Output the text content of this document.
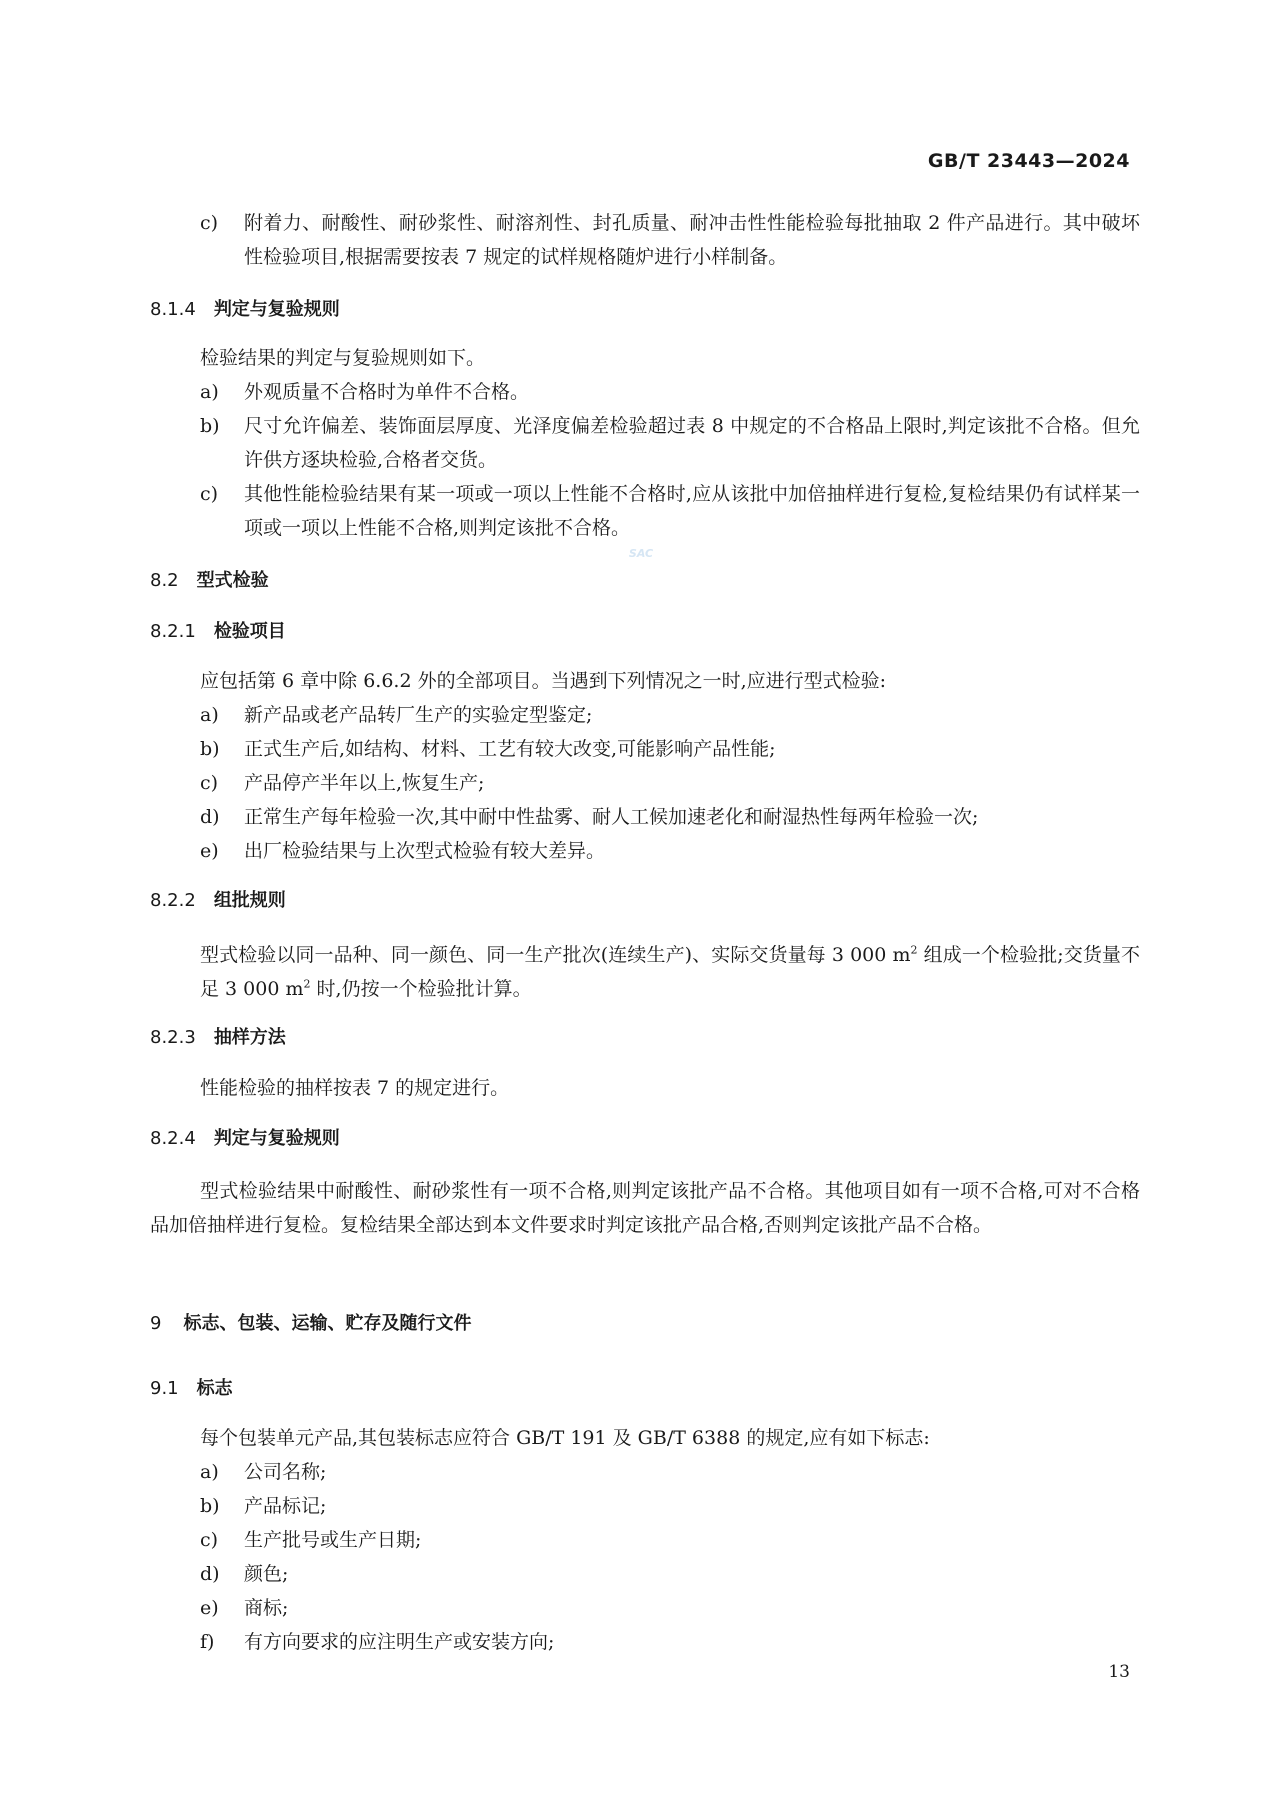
GB/T 23443—2024
SAC
c)	附着力、耐酸性、耐砂浆性、耐溶剂性、封孔质量、耐冲击性性能检验每批抽取 2 件产品进行。其中破坏性检验项目,根据需要按表 7 规定的试样规格随炉进行小样制备。
8.1.4 判定与复验规则
检验结果的判定与复验规则如下。
a)	外观质量不合格时为单件不合格。
b)	尺寸允许偏差、装饰面层厚度、光泽度偏差检验超过表 8 中规定的不合格品上限时,判定该批不合格。但允许供方逐块检验,合格者交货。
c)	其他性能检验结果有某一项或一项以上性能不合格时,应从该批中加倍抽样进行复检,复检结果仍有试样某一项或一项以上性能不合格,则判定该批不合格。
8.2 型式检验
8.2.1 检验项目
应包括第 6 章中除 6.6.2 外的全部项目。当遇到下列情况之一时,应进行型式检验:
a)	新产品或老产品转厂生产的实验定型鉴定;
b)	正式生产后,如结构、材料、工艺有较大改变,可能影响产品性能;
c)	产品停产半年以上,恢复生产;
d)	正常生产每年检验一次,其中耐中性盐雾、耐人工候加速老化和耐湿热性每两年检验一次;
e)	出厂检验结果与上次型式检验有较大差异。
8.2.2 组批规则
型式检验以同一品种、同一颜色、同一生产批次(连续生产)、实际交货量每 3 000 $m^2$ 组成一个检验批;交货量不足 3 000 $m^2$ 时,仍按一个检验批计算。
8.2.3 抽样方法
性能检验的抽样按表 7 的规定进行。
8.2.4 判定与复验规则
型式检验结果中耐酸性、耐砂浆性有一项不合格,则判定该批产品不合格。其他项目如有一项不合格,可对不合格品加倍抽样进行复检。复检结果全部达到本文件要求时判定该批产品合格,否则判定该批产品不合格。
9 标志、包装、运输、贮存及随行文件
9.1 标志
每个包装单元产品,其包装标志应符合 GB/T 191 及 GB/T 6388 的规定,应有如下标志:
a)	公司名称;
b)	产品标记;
c)	生产批号或生产日期;
d)	颜色;
e)	商标;
f)	有方向要求的应注明生产或安装方向;
13
